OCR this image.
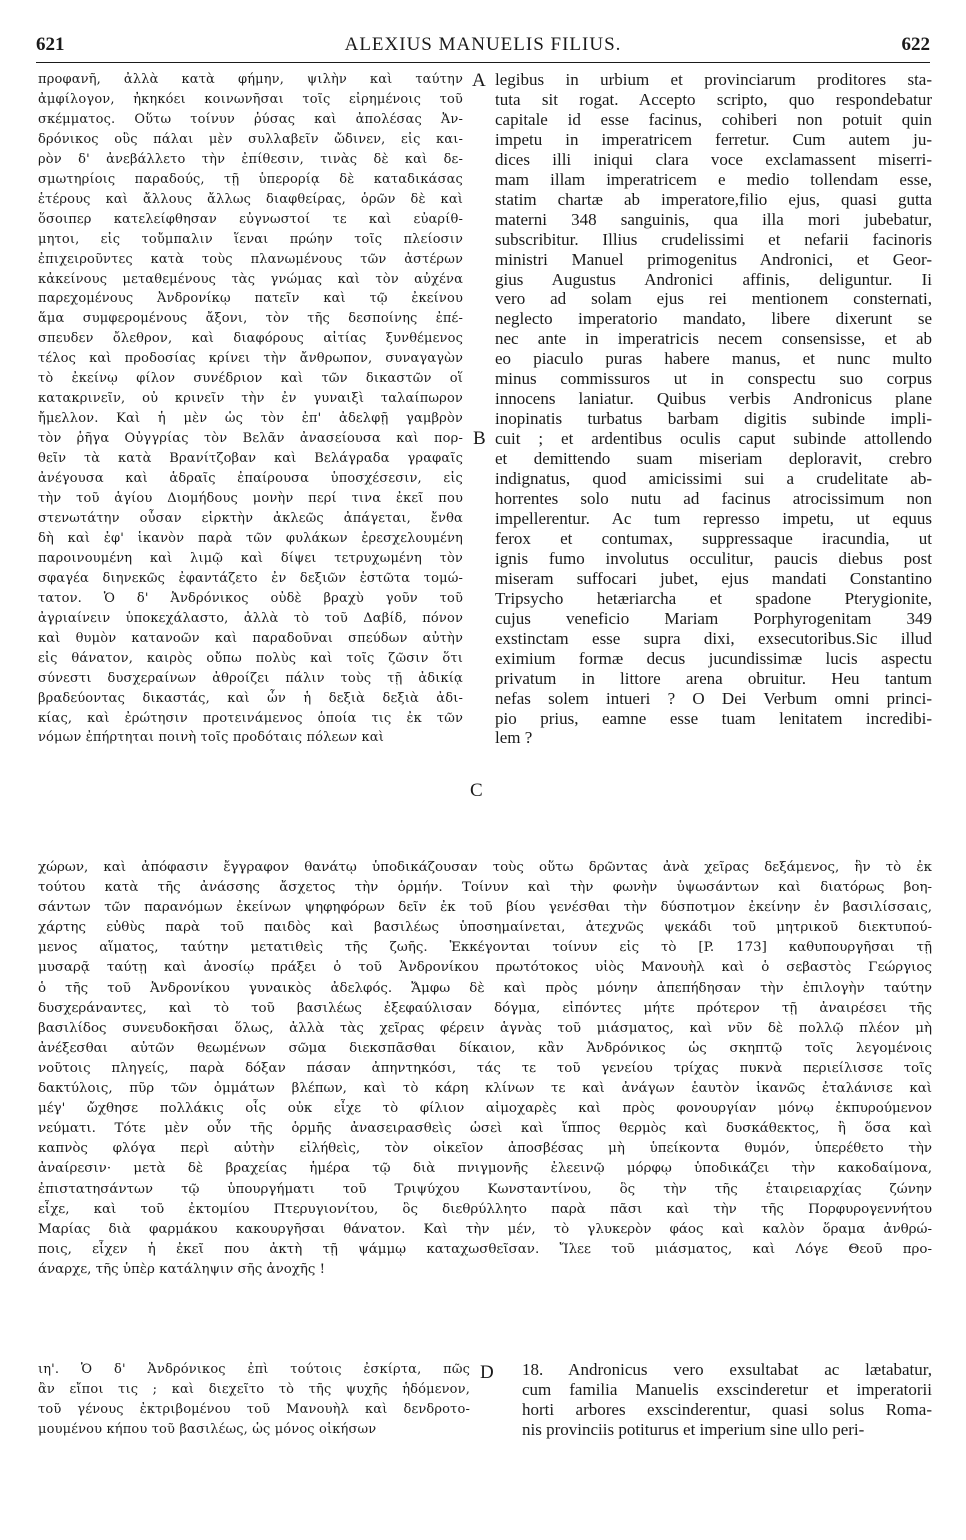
621	ALEXIUS MANUELIS FILIUS.	622
προφανῆ, ἀλλὰ κατὰ φήμην, ψιλὴν καὶ ταύτην
ἀμφίλογον, ἠκηκόει κοινωνῆσαι τοῖς εἰρημένοις τοῦ
σκέμματος. Οὕτω τοίνυν ῥύσας καὶ ἀπολέσας Ἀν-
δρόνικος οὓς πάλαι μὲν συλλαβεῖν ὤδινεν, εἰς και-
ρὸν δ' ἀνεβάλλετο τὴν ἐπίθεσιν, τινὰς δὲ καὶ δε-
σμωτηρίοις παραδούς, τῇ ὑπερορίᾳ δὲ καταδικάσας
ἑτέρους καὶ ἄλλους ἄλλως διαφθείρας, ὁρῶν δὲ καὶ
ὅσοιπερ κατελείφθησαν εὐγνωστοί τε καὶ εὐαρίθ-
μητοι, εἰς τοὔμπαλιν ἵεναι πρώην τοῖς πλείοσιν
ἐπιχειροῦντες κατὰ τοὺς πλανωμένους τῶν ἀστέρων
κἀκείνους μεταθεμένους τὰς γνώμας καὶ τὸν αὐχένα
παρεχομένους Ἀνδρονίκῳ πατεῖν καὶ τῷ ἐκείνου
ἅμα συμφερομένους ἄξονι, τὸν τῆς δεσποίνης ἐπέ-
σπευδεν ὄλεθρον, καὶ διαφόρους αἰτίας ξυνθέμενος
τέλος καὶ προδοσίας κρίνει τὴν ἄνθρωπον, συναγαγὼν
τὸ ἐκείνῳ φίλον συνέδριον καὶ τῶν δικαστῶν οἵ
κατακρινεῖν, οὐ κρινεῖν τὴν ἐν γυναιξὶ ταλαίπωρον
ἤμελλον. Καὶ ἡ μὲν ὡς τὸν ἐπ' ἀδελφῇ γαμβρὸν
τὸν ῥῆγα Οὐγγρίας τὸν Βελᾶν ἀνασείουσα καὶ πορ-
θεῖν τὰ κατὰ Βρανίτζοβαν καὶ Βελάγραδα γραφαῖς
ἀνέγουσα καὶ ἁδραῖς ἐπαίρουσα ὑποσχέσεσιν, εἰς
τὴν τοῦ ἁγίου Διομήδους μονὴν περί τινα ἐκεῖ που
στενωτάτην οὖσαν εἱρκτὴν ἀκλεῶς ἀπάγεται, ἔνθα
δὴ καὶ ἐφ' ἱκανὸν παρὰ τῶν φυλάκων ἐρεσχελουμένη
παροινουμένη καὶ λιμῷ καὶ δίψει τετρυχωμένη τὸν
σφαγέα διηνεκῶς ἐφαντάζετο ἐν δεξιῶν ἑστῶτα τομώ-
τατον. Ὁ δ' Ἀνδρόνικος οὐδὲ βραχὺ γοῦν τοῦ
ἀγριαίνειν ὑποκεχάλαστο, ἀλλὰ τὸ τοῦ Δαβίδ, πόνον
καὶ θυμὸν κατανοῶν καὶ παραδοῦναι σπεύδων αὐτὴν
εἰς θάνατον, καιρὸς οὔπω πολὺς καὶ τοῖς ζῶσιν ὅτι
σύνεστι δυσχεραίνων ἀθροίζει πάλιν τοὺς τῇ ἀδικίᾳ
βραδεύοντας δικαστάς, καὶ ὧν ἡ δεξιὰ δεξιὰ ἀδι-
κίας, καὶ ἐρώτησιν προτεινάμενος ὁποία τις ἐκ τῶν
νόμων ἐπήρτηται ποινὴ τοῖς προδόταις πόλεων καὶ
legibus in urbium et provinciarum proditores sta-
tuta sit rogat. Accepto scripto, quo respondebatur
capitale id esse facinus, cohiberi non potuit quin
impetu in imperatricem ferretur. Cum autem ju-
dices illi iniqui clara voce exclamassent miserri-
mam illam imperatricem e medio tollendam esse,
statim chartæ ab imperatore,filio ejus, quasi gutta
materni 348 sanguinis, qua illa mori jubebatur,
subscribitur. Illius crudelissimi et nefarii facinoris
ministri Manuel primogenitus Andronici, et Geor-
gius Augustus Andronici affinis, deliguntur. Ii
vero ad solam ejus rei mentionem consternati,
neglecto imperatorio mandato, libere dixerunt se
nec ante in imperatricis necem consensisse, et ab
eo piaculo puras habere manus, et nunc multo
minus commissuros ut in conspectu suo corpus
innocens laniatur. Quibus verbis Andronicus plane
inopinatis turbatus barbam digitis subinde impli-
cuit ; et ardentibus oculis caput subinde attollendo
et demittendo suam miseriam deploravit, crebro
indignatus, quod amicissimi sui a crudelitate ab-
horrentes solo nutu ad facinus atrocissimum non
impellerentur. Ac tum represso impetu, ut equus
ferox et contumax, suppressaque iracundia, ut
ignis fumo involutus occulitur, paucis diebus post
miseram suffocari jubet, ejus mandati Constantino
Tripsycho hetæriarcha et spadone Pterygionite,
cujus veneficio Mariam Porphyrogenitam 349
exstinctam esse supra dixi, exsecutoribus.Sic illud
eximium formæ decus jucundissimæ lucis aspectu
privatum in littore arena obruitur. Heu tantum
nefas solem intueri ? O Dei Verbum omni princi-
pio prius, eamne esse tuam lenitatem incredibi-
lem ?
χώρων, καὶ ἀπόφασιν ἔγγραφον θανάτῳ ὑποδικάζουσαν τοὺς οὕτω δρῶντας ἀνὰ χεῖρας δεξάμενος, ἣν τὸ ἐκ
τούτου κατὰ τῆς ἀνάσσης ἄσχετος τὴν ὁρμήν. Τοίνυν καὶ τὴν φωνὴν ὑψωσάντων καὶ διατόρως βοη-
σάντων τῶν παρανόμων ἐκείνων ψηφηφόρων δεῖν ἐκ τοῦ βίου γενέσθαι τὴν δύσποτμον ἐκείνην ἐν βασιλίσσαις,
χάρτης εὐθὺς παρὰ τοῦ παιδὸς καὶ βασιλέως ὑποσημαίνεται, ἀτεχνῶς ψεκάδι τοῦ μητρικοῦ διεκτυπού-
μενος αἵματος, ταύτην μετατιθεὶς τῆς ζωῆς. Ἐκκέγονται τοίνυν εἰς τὸ [P. 173] καθυπουργῆσαι τῇ
μυσαρᾷ ταύτῃ καὶ ἀνοσίῳ πράξει ὁ τοῦ Ἀνδρονίκου πρωτότοκος υἱὸς Μανουὴλ καὶ ὁ σεβαστὸς Γεώργιος
ὁ τῆς τοῦ Ἀνδρονίκου γυναικὸς ἀδελφός. Ἄμφω δὲ καὶ πρὸς μόνην ἀπεπήδησαν τὴν ἐπιλογὴν ταύτην
δυσχεράναντες, καὶ τὸ τοῦ βασιλέως ἐξεφαύλισαν δόγμα, εἰπόντες μήτε πρότερον τῇ ἀναιρέσει τῆς
βασιλίδος συνευδοκῆσαι ὅλως, ἀλλὰ τὰς χεῖρας φέρειν ἁγνὰς τοῦ μιάσματος, καὶ νῦν δὲ πολλῷ πλέον μὴ
ἀνέξεσθαι αὐτῶν θεωμένων σῶμα διεκσπᾶσθαι δίκαιον, κἂν Ἀνδρόνικος ὡς σκηπτῷ τοῖς λεγομένοις
νοῦτοις πληγείς, παρὰ δόξαν πάσαν ἀπηντηκόσι, τάς τε τοῦ γενείου τρίχας πυκνὰ περιείλισσε τοῖς
δακτύλοις, πῦρ τῶν ὀμμάτων βλέπων, καὶ τὸ κάρη κλίνων τε καὶ ἀνάγων ἑαυτὸν ἱκανῶς ἐταλάνισε καὶ
μέγ' ὤχθησε πολλάκις οἷς οὐκ εἶχε τὸ φίλιον αἱμοχαρὲς καὶ πρὸς φονουργίαν μόνῳ ἐκπυρούμενον
νεύματι. Τότε μὲν οὖν τῆς ὁρμῆς ἀνασειρασθεὶς ὡσεὶ καὶ ἵππος θερμὸς καὶ δυσκάθεκτος, ἢ ὅσα καὶ
καπνὸς φλόγα περὶ αὐτὴν εἰλήθεὶς, τὸν οἰκεῖον ἀποσβέσας μὴ ὑπείκοντα θυμόν, ὑπερέθετο τὴν
ἀναίρεσιν· μετὰ δὲ βραχείας ἡμέρα τῷ διὰ πνιγμονῆς ἐλεεινῷ μόρφῳ ὑποδικάζει τὴν κακοδαίμονα,
ἐπιστατησάντων τῷ ὑπουργήματι τοῦ Τριψύχου Κωνσταντίνου, ὃς τὴν τῆς ἑταιρειαρχίας ζώνην
εἶχε, καὶ τοῦ ἐκτομίου Πτερυγιονίτου, ὃς διεθρύλλητο παρὰ πᾶσι καὶ τὴν τῆς Πορφυρογεννήτου
Μαρίας διὰ φαρμάκου κακουργῆσαι θάνατον. Καὶ τὴν μέν, τὸ γλυκερὸν φάος καὶ καλὸν ὅραμα ἀνθρώ-
ποις, εἶχεν ἡ ἐκεῖ που ἀκτὴ τῇ ψάμμῳ καταχωσθεῖσαν. Ἴλεε τοῦ μιάσματος, καὶ Λόγε Θεοῦ προ-
άναρχε, τῆς ὑπὲρ κατάληψιν σῆς ἀνοχῆς !
ιη'. Ὁ δ' Ἀνδρόνικος ἐπὶ τούτοις ἐσκίρτα, πῶς
ἂν εἴποι τις ; καὶ διεχεῖτο τὸ τῆς ψυχῆς ἡδόμενον,
τοῦ γένους ἐκτριβομένου τοῦ Μανουὴλ καὶ δενδροτο-
μουμένου κήπου τοῦ βασιλέως, ὡς μόνος οἰκήσων
18. Andronicus vero exsultabat ac lætabatur,
cum familia Manuelis exscinderetur et imperatorii
horti arbores exscinderentur, quasi solus Roma-
nis provinciis potiturus et imperium sine ullo peri-
A
B
C
D
